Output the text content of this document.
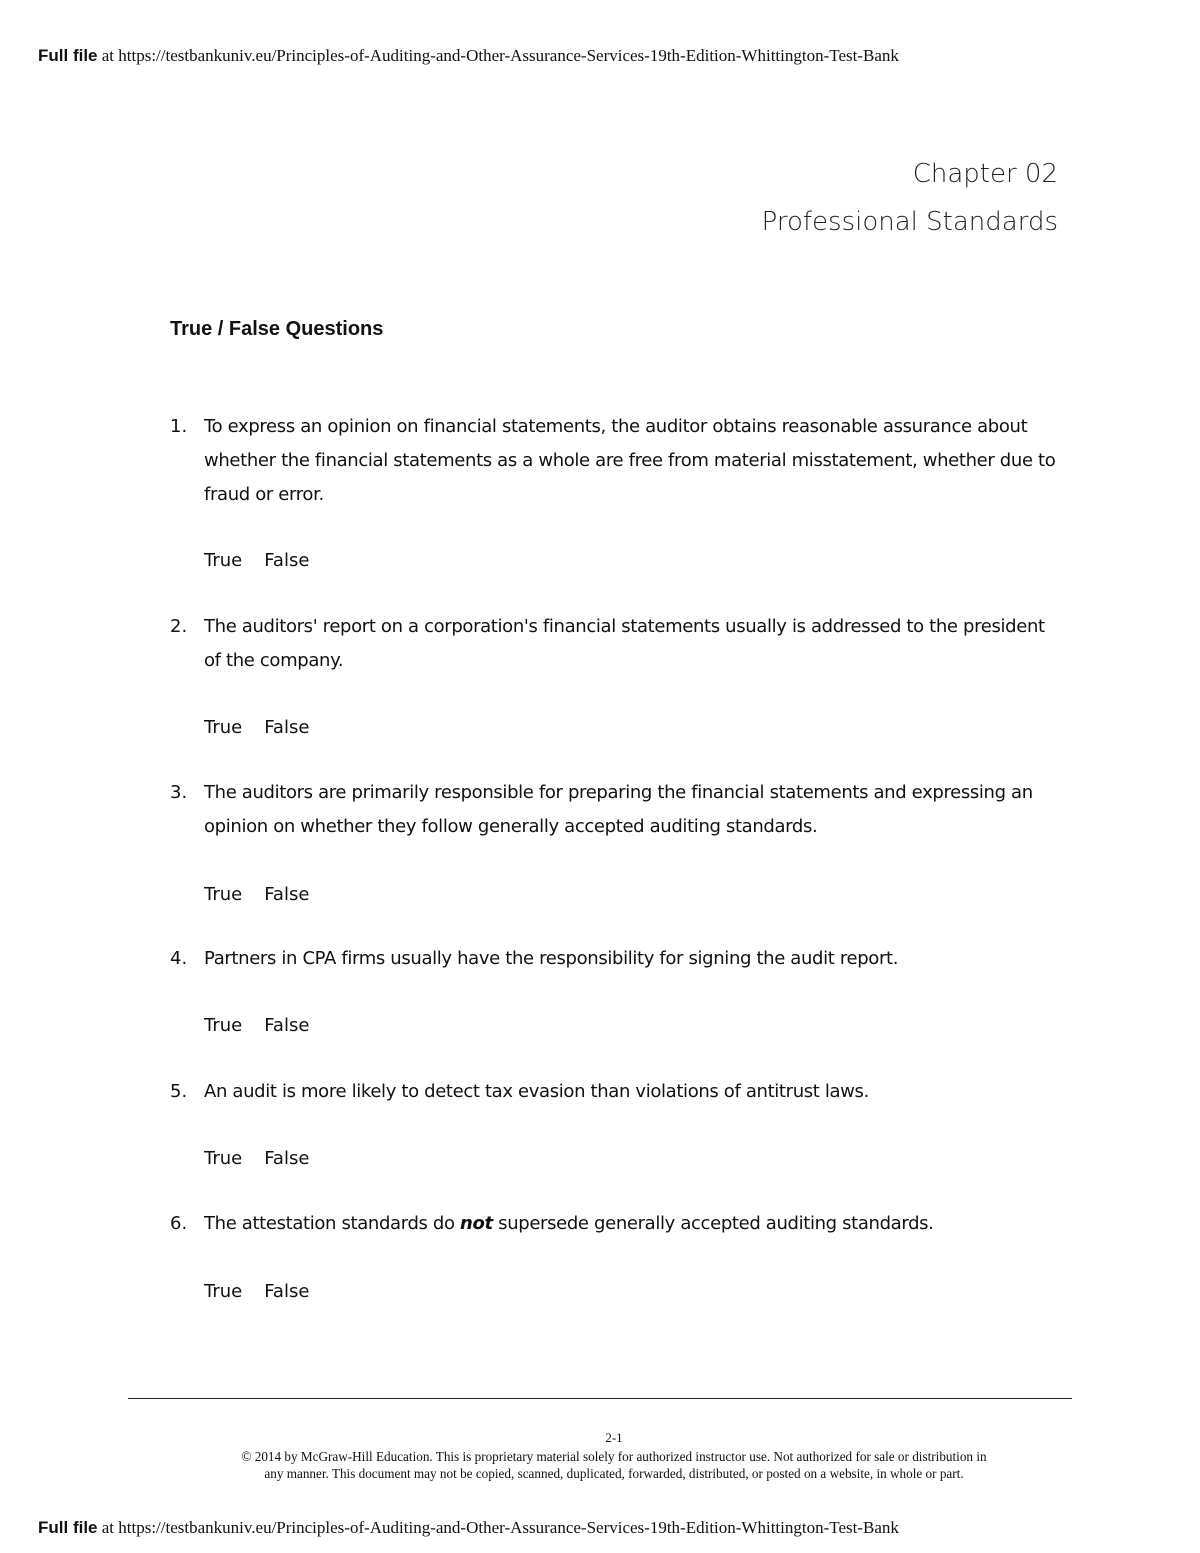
Full file at https://testbankuniv.eu/Principles-of-Auditing-and-Other-Assurance-Services-19th-Edition-Whittington-Test-Bank
Chapter 02
Professional Standards
True / False Questions
1. To express an opinion on financial statements, the auditor obtains reasonable assurance about whether the financial statements as a whole are free from material misstatement, whether due to fraud or error.
True False
2. The auditors' report on a corporation's financial statements usually is addressed to the president of the company.
True False
3. The auditors are primarily responsible for preparing the financial statements and expressing an opinion on whether they follow generally accepted auditing standards.
True False
4. Partners in CPA firms usually have the responsibility for signing the audit report.
True False
5. An audit is more likely to detect tax evasion than violations of antitrust laws.
True False
6. The attestation standards do not supersede generally accepted auditing standards.
True False
2-1
© 2014 by McGraw-Hill Education. This is proprietary material solely for authorized instructor use. Not authorized for sale or distribution in
any manner. This document may not be copied, scanned, duplicated, forwarded, distributed, or posted on a website, in whole or part.
Full file at https://testbankuniv.eu/Principles-of-Auditing-and-Other-Assurance-Services-19th-Edition-Whittington-Test-Bank
